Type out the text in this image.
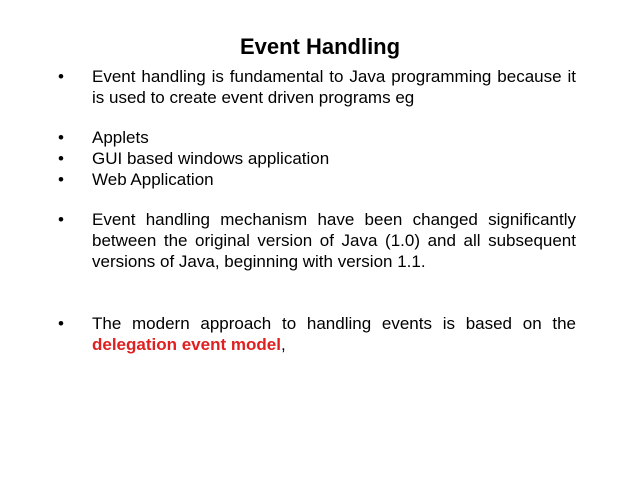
Event Handling
•	Event handling is fundamental to Java programming because it is used to create event driven programs eg
•	Applets
•	GUI based windows application
•	Web Application
•	Event handling mechanism have been changed significantly between the original version of Java (1.0) and all subsequent versions of Java, beginning with version 1.1.
•	The modern approach to handling events is based on the delegation event model,
